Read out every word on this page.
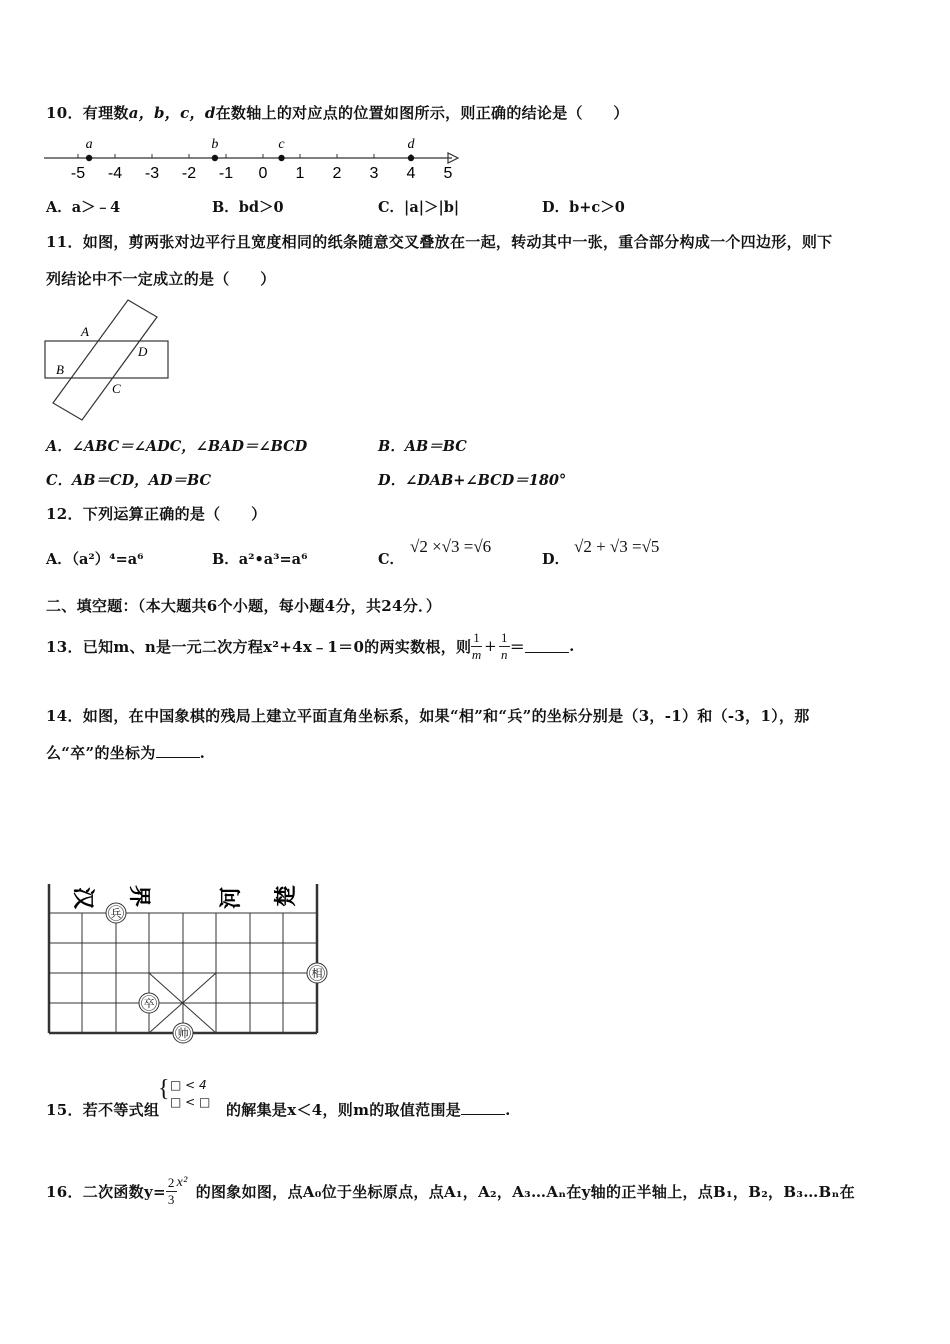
10．有理数a，b，c，d在数轴上的对应点的位置如图所示，则正确的结论是（　　）
-5 -4 -3 -2 -1 0 1 2 3 4 5
a	b	c	d
A．a＞﹣4	B．bd＞0	C．|a|＞|b|	D．b+c＞0
11．如图，剪两张对边平行且宽度相同的纸条随意交叉叠放在一起，转动其中一张，重合部分构成一个四边形，则下
列结论中不一定成立的是（　　）
A
B
C
D
A．∠ABC＝∠ADC，∠BAD＝∠BCD	B．AB＝BC
C．AB＝CD，AD＝BC	D．∠DAB+∠BCD＝180°
12．下列运算正确的是（　　）
A．（a²）⁴=a⁶	B．a²•a³=a⁶	C．
√2 ×√3 =√6
D．
√2 + √3 =√5
二、填空题：（本大题共6个小题，每小题4分，共24分．）
13．已知m、n是一元二次方程x²+4x﹣1＝0的两实数根，则 $\frac{1}{m} + \frac{1}{n}$ ＝	.
14．如图，在中国象棋的残局上建立平面直角坐标系，如果“相”和“兵”的坐标分别是（3，-1）和（-3，1），那
么“卒”的坐标为	.
汉 界	河 楚
兵
相
卒
帅
15．若不等式组
{ □ < 4
□ < □ 的解集是x＜4，则m的取值范围是	.
16．二次函数$y= \frac{2}{3} x^2$ 的图象如图，点A₀位于坐标原点，点A₁，A₂，A₃…Aₙ在y轴的正半轴上，点B₁，B₂，B₃…Bₙ在
